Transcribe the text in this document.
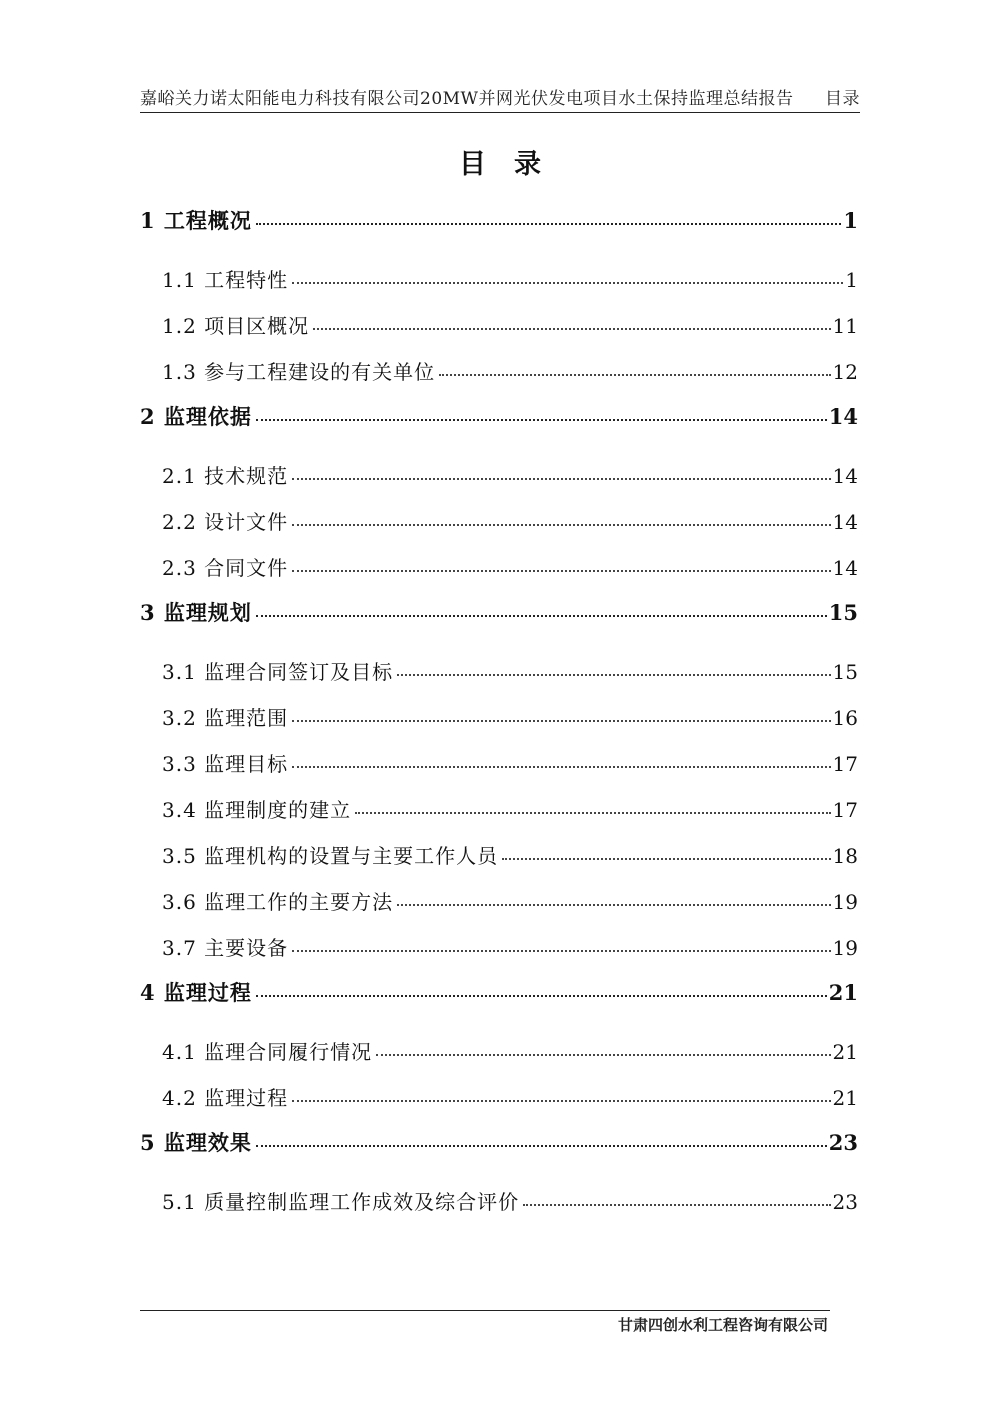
嘉峪关力诺太阳能电力科技有限公司20MW并网光伏发电项目水土保持监理总结报告 目录
目录
1 工程概况	1
1.1 工程特性	1
1.2 项目区概况	11
1.3 参与工程建设的有关单位	12
2 监理依据	14
2.1 技术规范	14
2.2 设计文件	14
2.3 合同文件	14
3 监理规划	15
3.1 监理合同签订及目标	15
3.2 监理范围	16
3.3 监理目标	17
3.4 监理制度的建立	17
3.5 监理机构的设置与主要工作人员	18
3.6 监理工作的主要方法	19
3.7 主要设备	19
4 监理过程	21
4.1 监理合同履行情况	21
4.2 监理过程	21
5 监理效果	23
5.1 质量控制监理工作成效及综合评价	23
甘肃四创水利工程咨询有限公司
